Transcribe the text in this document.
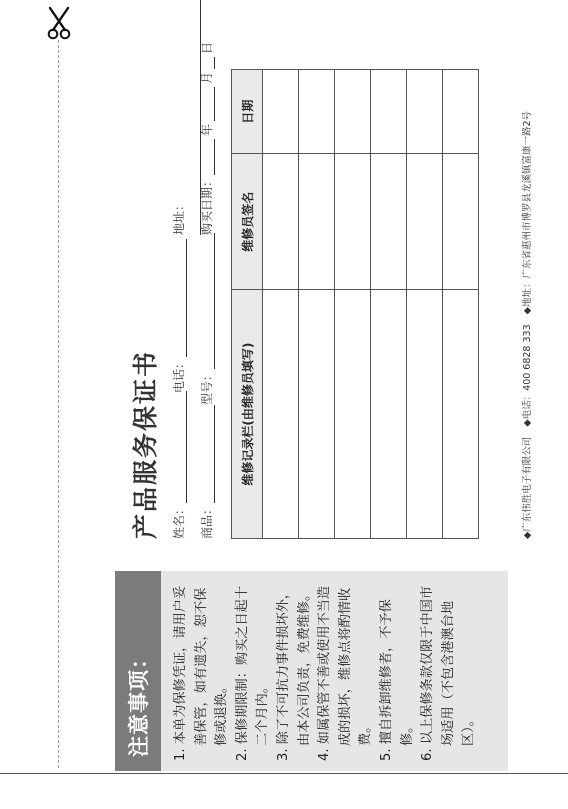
注意事项： 1. 本单为保修凭证，请用户妥善保管，如有遗失，恕不保修或退换。 2. 保修期限制：购买之日起十二个月内。 3. 除了不可抗力事件损坏外，由本公司负责，免费维修。 4. 如属保管不善或使用不当造成的损坏，维修点将酌情收费。 5. 擅自拆卸维修者，不予保修。 6. 以上保修条款仅限于中国市场适用（不包含港澳台地区）。

产品服务保证书 姓名：
电话：
地址：
商品：
型号：
购买日期：年月日
维修记录栏(由维修员填写)	维修员签名	日期

◆广东伟胜电子有限公司 ◆电话：400 6828 333 ◆地址：广东省惠州市博罗县龙溪镇富康一路2号
